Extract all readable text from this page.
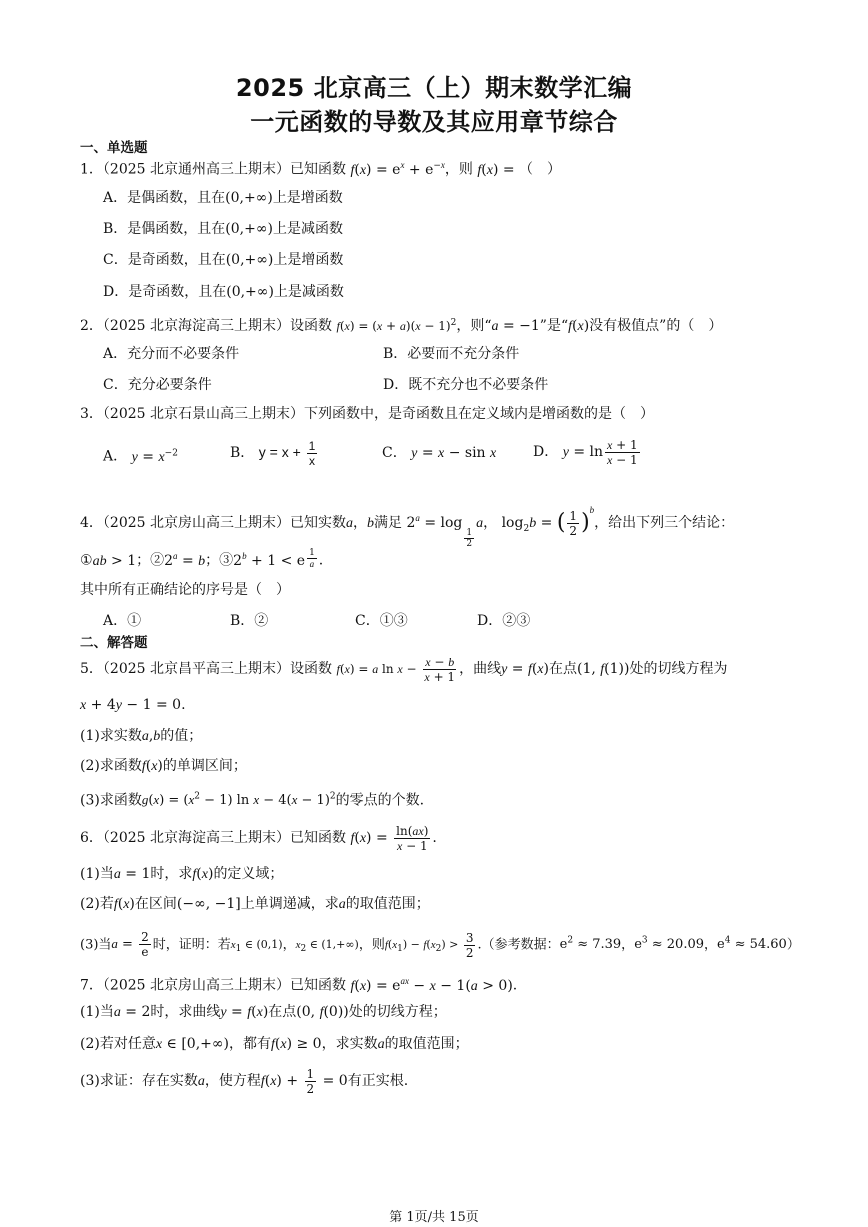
2025 北京高三（上）期末数学汇编
一元函数的导数及其应用章节综合
一、单选题
1．（2025 北京通州高三上期末）已知函数 $f(x) = e^x + e^{-x}$，则 f(x) = （　）
A．是偶函数，且在(0,+∞)上是增函数
B．是偶函数，且在(0,+∞)上是减函数
C．是奇函数，且在(0,+∞)上是增函数
D．是奇函数，且在(0,+∞)上是减函数
2．（2025 北京海淀高三上期末）设函数 $f(x) = (x + a)(x - 1)^2$，则“a = −1”是“f(x)没有极值点”的（　）
A．充分而不必要条件	B．必要而不充分条件
C．充分必要条件	D．既不充分也不必要条件
3．（2025 北京石景山高三上期末）下列函数中，是奇函数且在定义域内是增函数的是（　）
A． $y = x^{-2}$	B． $y = x + \frac{1}{x}$	C． y = x − sin x	D． $y = \ln \frac{x + 1}{x - 1}$
4．（2025 北京房山高三上期末）已知实数a，b满足 $2^a = \log$
$\frac{1}{2}$
a， $\log_2b$ = ( $\frac{1}{2} )^b$，给出下列三个结论：
①ab > 1；$②2^a = b$；$③2^b + 1 < e$ $^{\frac{1}{a}}$ .
其中所有正确结论的序号是（　）
A．①	B．②	C．①③	D．②③
二、解答题
5．（2025 北京昌平高三上期末）设函数 f(x) = a $\ln x - \frac{x - b}{x + 1}$ ，曲线y = f(x)在点(1, f(1))处的切线方程为
x + 4y − 1 = 0.
(1)求实数a,b的值；
(2)求函数f(x)的单调区间；
(3)求函数$g(x) = (x^2 - 1)$ $\ln x - 4(x - 1)^2$的零点的个数.
6．（2025 北京海淀高三上期末）已知函数 $f(x) = \frac{\ln(ax)}{x - 1}$ .
(1)当a = 1时，求f(x)的定义域；
(2)若f(x)在区间(−∞, −1]上单调递减，求a的取值范围；
(3)当$a = \frac{2}{e}$ 时，证明：若$x_1$ ∈ (0,1)，$x_2$ ∈ (1,+∞)，则$f(x_1) - f(x_2) > \frac{3}{2}$ .（参考数据：$e^2 \approx 7.39$，$e^3 \approx 20.09$，$e^4 \approx 54.60$）
7．（2025 北京房山高三上期末）已知函数 $f(x) = e^{ax} - x - 1(a > 0)$.
(1)当a = 2时，求曲线y = f(x)在点(0, f(0))处的切线方程；
(2)若对任意x ∈ [0,+∞)，都有f(x) ≥ 0，求实数a的取值范围；
(3)求证：存在实数a，使方程$f(x) + \frac{1}{2} = 0$有正实根.
第 1页/共 15页
